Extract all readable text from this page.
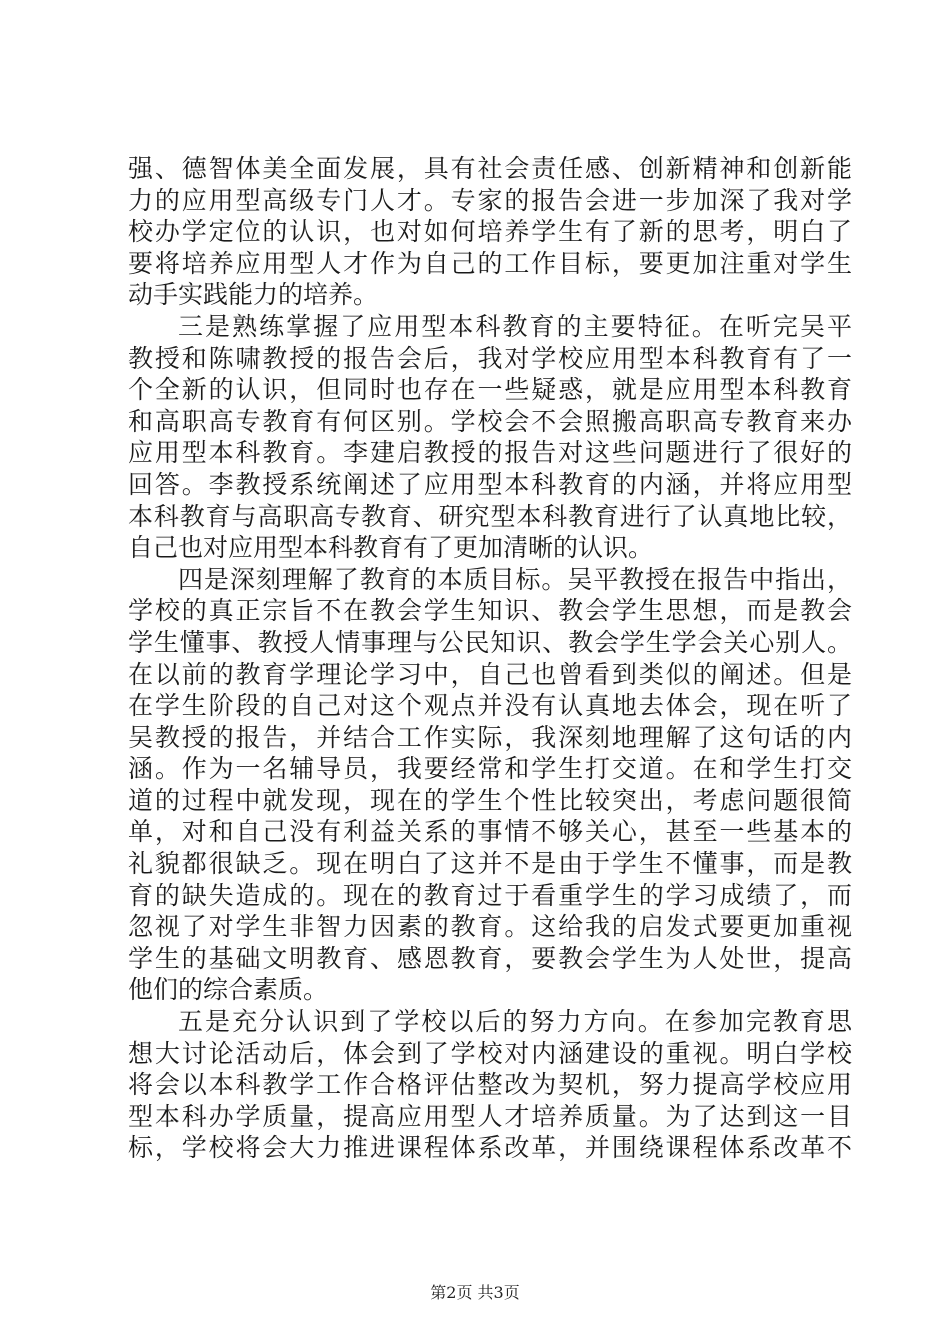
强、德智体美全面发展，具有社会责任感、创新精神和创新能
力的应用型高级专门人才。专家的报告会进一步加深了我对学
校办学定位的认识，也对如何培养学生有了新的思考，明白了
要将培养应用型人才作为自己的工作目标，要更加注重对学生
动手实践能力的培养。
三是熟练掌握了应用型本科教育的主要特征。在听完吴平
教授和陈啸教授的报告会后，我对学校应用型本科教育有了一
个全新的认识，但同时也存在一些疑惑，就是应用型本科教育
和高职高专教育有何区别。学校会不会照搬高职高专教育来办
应用型本科教育。李建启教授的报告对这些问题进行了很好的
回答。李教授系统阐述了应用型本科教育的内涵，并将应用型
本科教育与高职高专教育、研究型本科教育进行了认真地比较，
自己也对应用型本科教育有了更加清晰的认识。
四是深刻理解了教育的本质目标。吴平教授在报告中指出，
学校的真正宗旨不在教会学生知识、教会学生思想，而是教会
学生懂事、教授人情事理与公民知识、教会学生学会关心别人。
在以前的教育学理论学习中，自己也曾看到类似的阐述。但是
在学生阶段的自己对这个观点并没有认真地去体会，现在听了
吴教授的报告，并结合工作实际，我深刻地理解了这句话的内
涵。作为一名辅导员，我要经常和学生打交道。在和学生打交
道的过程中就发现，现在的学生个性比较突出，考虑问题很简
单，对和自己没有利益关系的事情不够关心，甚至一些基本的
礼貌都很缺乏。现在明白了这并不是由于学生不懂事，而是教
育的缺失造成的。现在的教育过于看重学生的学习成绩了，而
忽视了对学生非智力因素的教育。这给我的启发式要更加重视
学生的基础文明教育、感恩教育，要教会学生为人处世，提高
他们的综合素质。
五是充分认识到了学校以后的努力方向。在参加完教育思
想大讨论活动后，体会到了学校对内涵建设的重视。明白学校
将会以本科教学工作合格评估整改为契机，努力提高学校应用
型本科办学质量，提高应用型人才培养质量。为了达到这一目
标，学校将会大力推进课程体系改革，并围绕课程体系改革不
第2页 共3页
